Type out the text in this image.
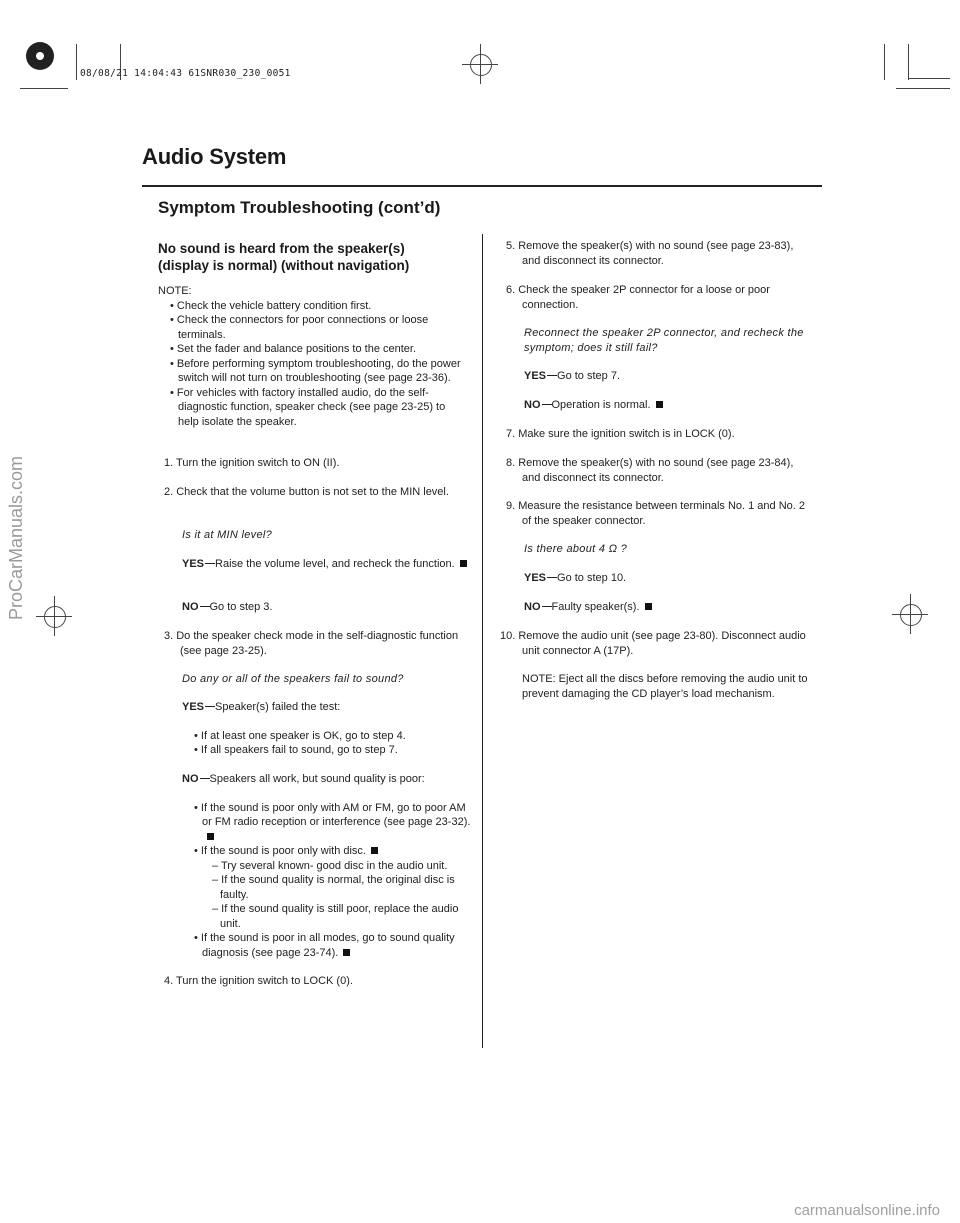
08/08/21 14:04:43 61SNR030_230_0051
Audio System
Symptom Troubleshooting (cont’d)
No sound is heard from the speaker(s)
(display is normal) (without navigation)

NOTE:

• Check the vehicle battery condition first.

• Check the connectors for poor connections or loose terminals.

• Set the fader and balance positions to the center.

• Before performing symptom troubleshooting, do the power switch will not turn on troubleshooting (see page 23-36).

• For vehicles with factory installed audio, do the self-diagnostic function, speaker check (see page 23-25) to help isolate the speaker.

1. Turn the ignition switch to ON (II).

2. Check that the volume button is not set to the MIN level.

Is it at MIN level?
YES Raise the volume level, and recheck the function.
NO Go to step 3.

3. Do the speaker check mode in the self-diagnostic function (see page 23-25).

Do any or all of the speakers fail to sound?
YES Speaker(s) failed the test:

• If at least one speaker is OK, go to step 4.

• If all speakers fail to sound, go to step 7.

NO Speakers all work, but sound quality is poor:

• If the sound is poor only with AM or FM, go to poor AM or FM radio reception or interference (see page 23-32).

• If the sound is poor only with disc.

– Try several known- good disc in the audio unit.

– If the sound quality is normal, the original disc is faulty.

– If the sound quality is still poor, replace the audio unit.

• If the sound is poor in all modes, go to sound quality diagnosis (see page 23-74).

4. Turn the ignition switch to LOCK (0).

5. Remove the speaker(s) with no sound (see page 23-83), and disconnect its connector.

6. Check the speaker 2P connector for a loose or poor connection.

Reconnect the speaker 2P connector, and recheck the symptom; does it still fail?
YES Go to step 7.
NO Operation is normal.

7. Make sure the ignition switch is in LOCK (0).

8. Remove the speaker(s) with no sound (see page 23-84), and disconnect its connector.

9. Measure the resistance between terminals No. 1 and No. 2 of the speaker connector.

Is there about 4 Ω ?
YES Go to step 10.
NO Faulty speaker(s).

10. Remove the audio unit (see page 23-80). Disconnect audio unit connector A (17P).

NOTE: Eject all the discs before removing the audio unit to prevent damaging the CD player’s load mechanism.

ProCarManuals.com
carmanualsonline.info
